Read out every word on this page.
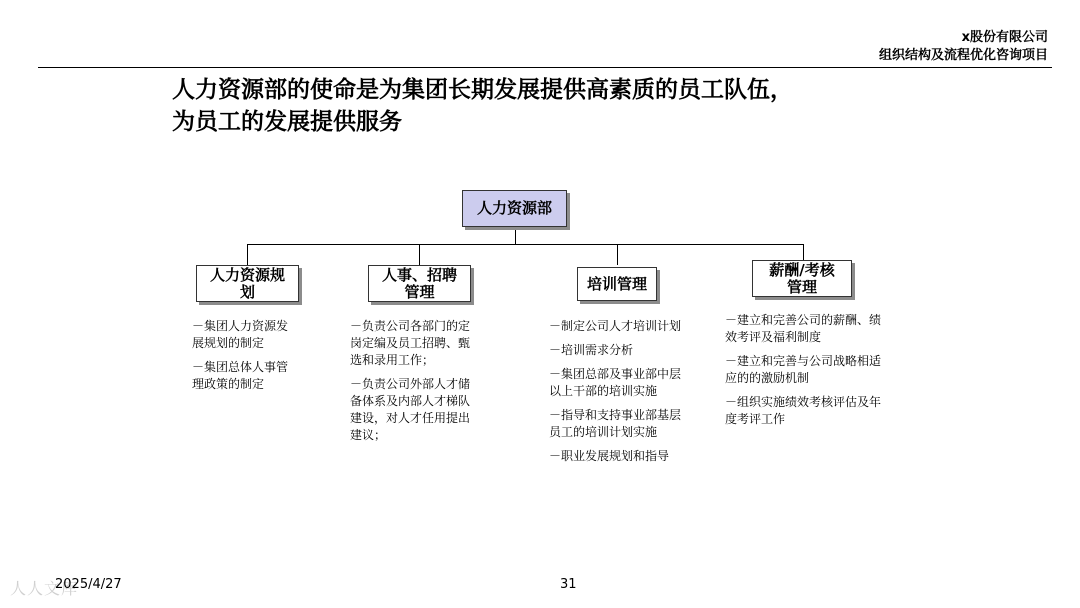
x股份有限公司
组织结构及流程优化咨询项目
人力资源部的使命是为集团长期发展提供高素质的员工队伍，
为员工的发展提供服务
人力资源部
人力资源规
划
人事、招聘
管理	培训管理
薪酬/考核
管理

－集团人力资源发
展规划的制定

－集团总体人事管
理政策的制定

－负责公司各部门的定
岗定编及员工招聘、甄
选和录用工作；

－负责公司外部人才储
备体系及内部人才梯队
建设，对人才任用提出
建议；

－制定公司人才培训计划

－培训需求分析

－集团总部及事业部中层
以上干部的培训实施

－指导和支持事业部基层
员工的培训计划实施

－职业发展规划和指导

－建立和完善公司的薪酬、绩
效考评及福利制度

－建立和完善与公司战略相适
应的的激励机制

－组织实施绩效考核评估及年
度考评工作

人人文库
2025/4/27	31
